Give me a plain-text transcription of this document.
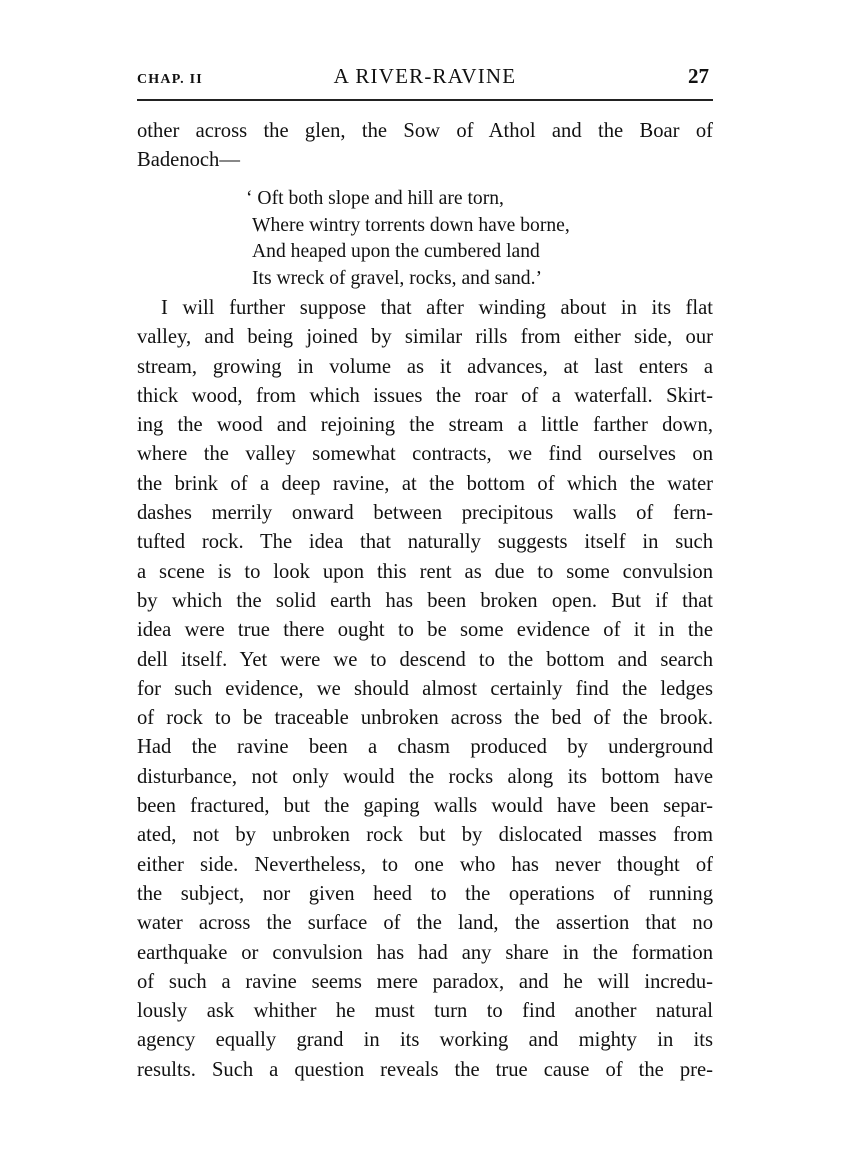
CHAP. II	A RIVER-RAVINE	27
other across the glen, the Sow of Athol and the Boar of
Badenoch—
‘ Oft both slope and hill are torn,
Where wintry torrents down have borne,
And heaped upon the cumbered land
Its wreck of gravel, rocks, and sand.’
I will further suppose that after winding about in its flat
valley, and being joined by similar rills from either side, our
stream, growing in volume as it advances, at last enters a
thick wood, from which issues the roar of a waterfall. Skirt-
ing the wood and rejoining the stream a little farther down,
where the valley somewhat contracts, we find ourselves on
the brink of a deep ravine, at the bottom of which the water
dashes merrily onward between precipitous walls of fern-
tufted rock. The idea that naturally suggests itself in such
a scene is to look upon this rent as due to some convulsion
by which the solid earth has been broken open. But if that
idea were true there ought to be some evidence of it in the
dell itself. Yet were we to descend to the bottom and search
for such evidence, we should almost certainly find the ledges
of rock to be traceable unbroken across the bed of the brook.
Had the ravine been a chasm produced by underground
disturbance, not only would the rocks along its bottom have
been fractured, but the gaping walls would have been separ-
ated, not by unbroken rock but by dislocated masses from
either side. Nevertheless, to one who has never thought of
the subject, nor given heed to the operations of running
water across the surface of the land, the assertion that no
earthquake or convulsion has had any share in the formation
of such a ravine seems mere paradox, and he will incredu-
lously ask whither he must turn to find another natural
agency equally grand in its working and mighty in its
results. Such a question reveals the true cause of the pre-
